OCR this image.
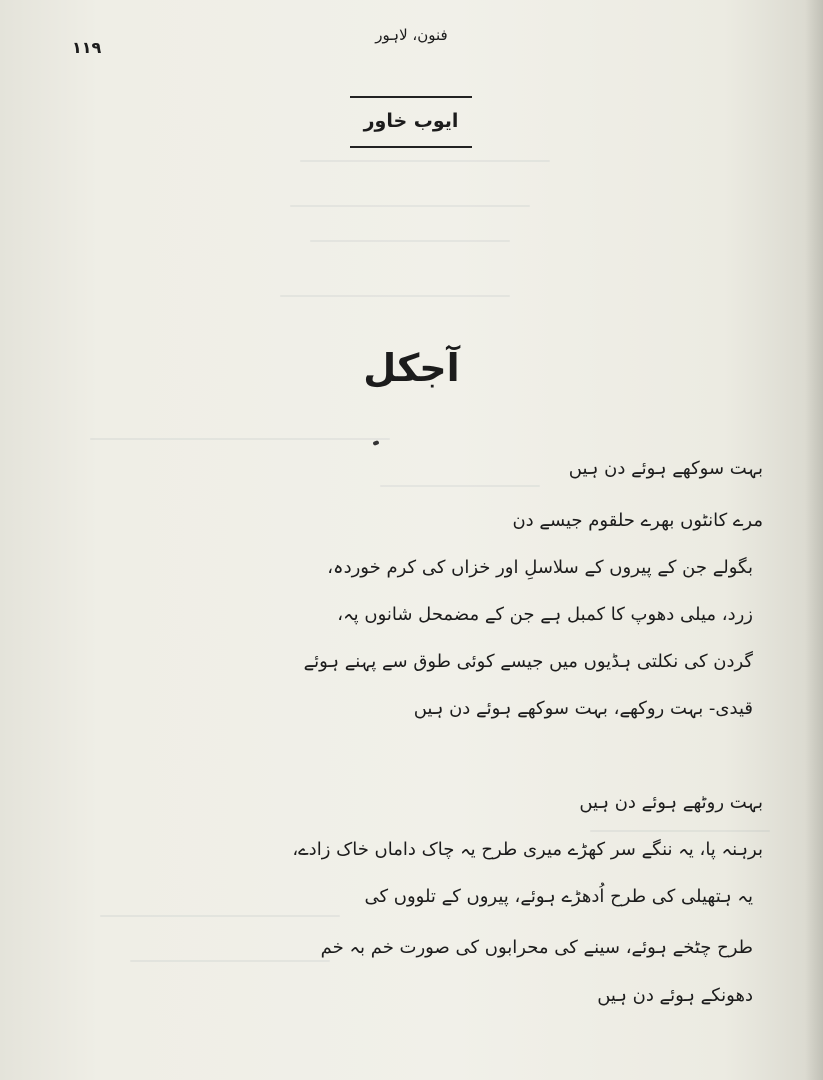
فنون، لاہور
۱۱۹
ایوب خاور
آجکل
بہت سوکھے ہوئے دن ہیں
مرے کانٹوں بھرے حلقوم جیسے دن
بگولے جن کے پیروں کے سلاسلِ اور خزاں کی کرم خوردہ،
زرد، میلی دھوپ کا کمبل ہے جن کے مضمحل شانوں پہ،
گردن کی نکلتی ہڈیوں میں جیسے کوئی طوق سے پہنے ہوئے
قیدی- بہت روکھے، بہت سوکھے ہوئے دن ہیں
بہت روٹھے ہوئے دن ہیں
برہنہ پا، یہ ننگے سر کھڑے میری طرح یہ چاک داماں خاک زادے،
یہ ہتھیلی کی طرح اُدھڑے ہوئے، پیروں کے تلووں کی
طرح چٹخے ہوئے، سینے کی محرابوں کی صورت خم بہ خم
دھونکے ہوئے دن ہیں
